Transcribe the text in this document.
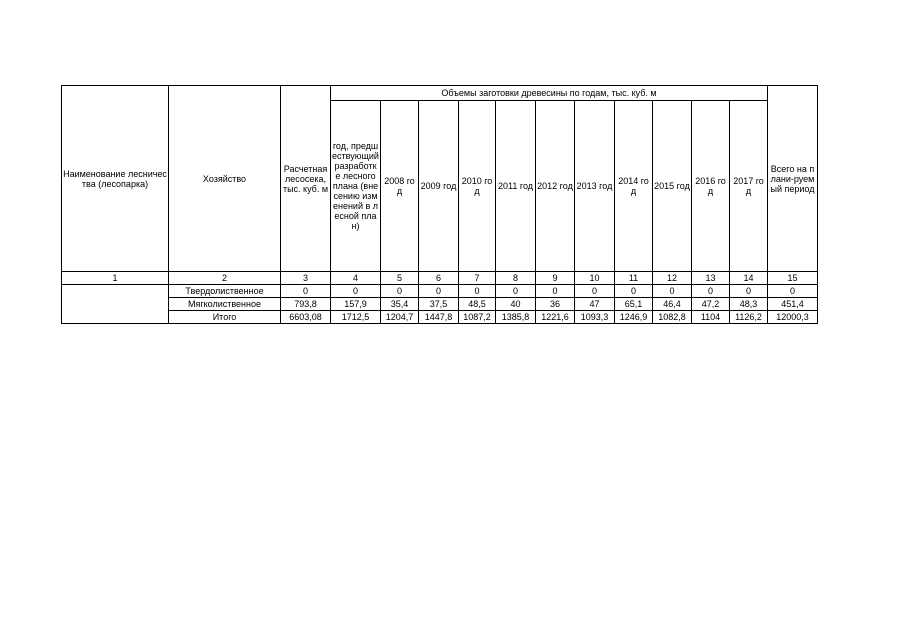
Наименование лесничества (лесопарка)	Хозяйство	Расчетная лесосека, тыс. куб. м	Объемы заготовки древесины по годам, тыс. куб. м											Всего на плани-руемый период
			год, предшествующий разработке лесного плана (внесению изменений в лесной план)	2008 год	2009 год	2010 год	2011 год	2012 год	2013 год	2014 год	2015 год	2016 год	2017 год	
1	2	3	4	5	6	7	8	9	10	11	12	13	14	15
	Твердолиственное	0	0	0	0	0	0	0	0	0	0	0	0	0
	Мягколиственное	793,8	157,9	35,4	37,5	48,5	40	36	47	65,1	46,4	47,2	48,3	451,4
	Итого	6603,08	1712,5	1204,7	1447,8	1087,2	1385,8	1221,6	1093,3	1246,9	1082,8	1104	1126,2	12000,3
